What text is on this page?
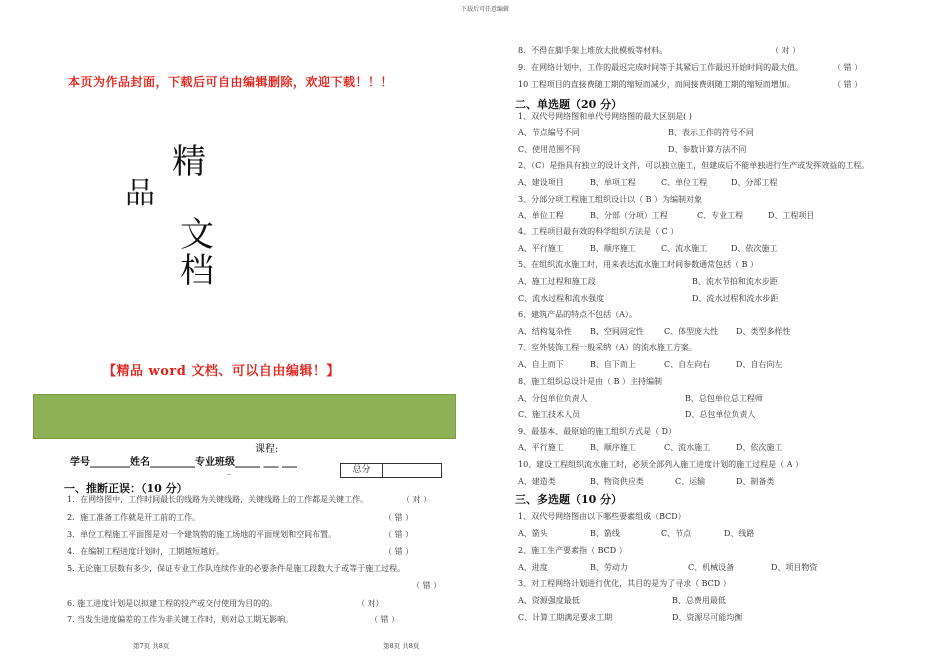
下载后可任意编辑
本页为作品封面，下载后可自由编辑删除，欢迎下载！！！
精
品
文
档
【精品 word 文档、可以自由编辑！】
课程:
学号________姓名_________专业班级_____ ___ ___
_	总分
一、推断正误：（10 分）
1．在网络图中，工作时间最长的线路为关键线路，关键线路上的工作都是关键工作。	（ 对 ）
2．施工准备工作就是开工前的工作。	（ 错 ）
3．单位工程施工平面图是对一个建筑物的施工场地的平面规划和空间布置。	（ 错 ）
4．在编制工程进度计划时，工期越短越好。	（ 错 ）
5. 无论施工层数有多少，保证专业工作队连续作业的必要条件是施工段数大于或等于施工过程。
（ 错 ）
6. 施工进度计划是以拟建工程的投产或交付使用为目的的。	（ 对）
7. 当发生进度偏差的工作为非关键工作时，则对总工期无影响。	（ 错 ）
第7页 共8页
8．不得在脚手架上堆放大批模板等材料。	（ 对 ）
9．在网络计划中，工作的最迟完成时间等于其紧后工作最迟开始时间的最大值。	（ 错 ）
10 工程项目的直接费随工期的缩短而减少，而间接费则随工期的缩短而增加。	（ 错 ）
二、单选题（20 分）
1、双代号网络图和单代号网络图的最大区别是( )
A、节点编号不同	B、表示工作的符号不同
C、使用范围不同	D、参数计算方法不同
2、（C）是指具有独立的设计文件，可以独立施工，但建成后不能单独进行生产或发挥效益的工程。
A、建设项目	B、单项工程	C、单位工程	D、分部工程
3、分部分项工程施工组织设计以（ B ）为编制对象
A、单位工程	B、分部（分项）工程	C、专业工程	D、工程项目
4、工程项目最有效的科学组织方法是（ C ）
A、平行施工	B、顺序施工	C、流水施工	D、依次施工
5、在组织流水施工时，用来表达流水施工时间参数通常包括（ B ）
A、施工过程和施工段	B、流水节拍和流水步距
C、流水过程和流水强度	D、流水过程和流水步距
6、建筑产品的特点不包括（A）。
A、结构复杂性 B、空间固定性	C、体型庞大性 D、类型多样性
7、室外装饰工程一般采纳（A）的流水施工方案。
A、自上而下	B、自下而上	C、自左向右	D、自右向左
8、施工组织总设计是由（ B ）主持编制
A、分包单位负责人	B、总包单位总工程师
C、施工技术人员	D、总包单位负责人
9、最基本、最原始的施工组织方式是（ D）
A、平行施工	B、顺序施工	C、流水施工	D、依次施工
10、建设工程组织流水施工时，必须全部列入施工进度计划的施工过程是（ A ）
A、建造类	B、物资供应类	C、运输	D、制备类
三、多选题（10 分）
1、双代号网络图由以下哪些要素组成（BCD）
A、箭头	B、箭线	C、节点	D、线路
2、施工生产要素指（ BCD ）
A、进度	B、劳动力	C、机械设备	D、项目物资
3、对工程网络计划进行优化，其目的是为了寻求（ BCD ）
A、资源强度最低	B、总费用最低
C、计算工期满足要求工期	D、资源尽可能均衡
第8页 共8页
